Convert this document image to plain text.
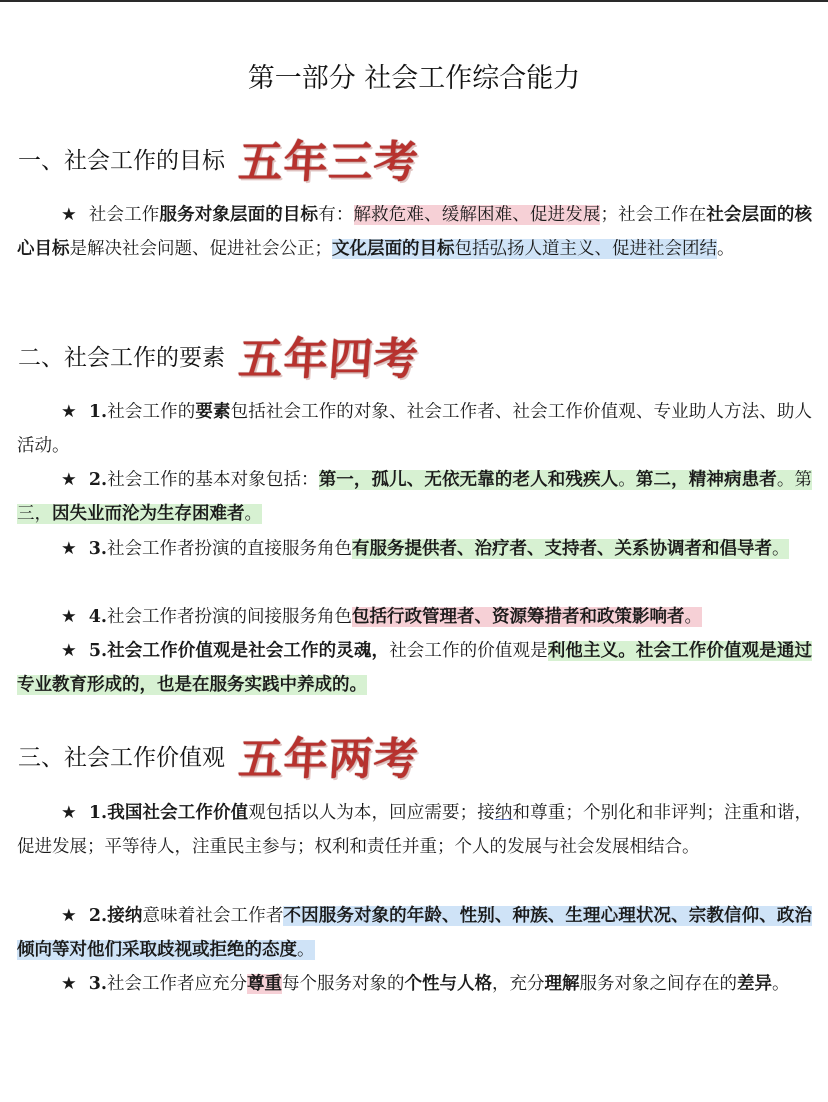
第一部分 社会工作综合能力
一、社会工作的目标 五年三考
★ 社会工作服务对象层面的目标有：解救危难、缓解困难、促进发展；社会工作在社会层面的核心目标是解决社会问题、促进社会公正；文化层面的目标包括弘扬人道主义、促进社会团结。
二、社会工作的要素 五年四考
★ 1.社会工作的要素包括社会工作的对象、社会工作者、社会工作价值观、专业助人方法、助人活动。
★ 2.社会工作的基本对象包括：第一，孤儿、无依无靠的老人和残疾人。第二，精神病患者。第三，因失业而沦为生存困难者。
★ 3.社会工作者扮演的直接服务角色有服务提供者、治疗者、支持者、关系协调者和倡导者。
★ 4.社会工作者扮演的间接服务角色包括行政管理者、资源筹措者和政策影响者。
★ 5.社会工作价值观是社会工作的灵魂，社会工作的价值观是利他主义。社会工作价值观是通过专业教育形成的，也是在服务实践中养成的。
三、社会工作价值观 五年两考
★ 1.我国社会工作价值观包括以人为本，回应需要；接纳和尊重；个别化和非评判；注重和谐，促进发展；平等待人，注重民主参与；权利和责任并重；个人的发展与社会发展相结合。
★ 2.接纳意味着社会工作者不因服务对象的年龄、性别、种族、生理心理状况、宗教信仰、政治倾向等对他们采取歧视或拒绝的态度。
★ 3.社会工作者应充分尊重每个服务对象的个性与人格，充分理解服务对象之间存在的差异。
